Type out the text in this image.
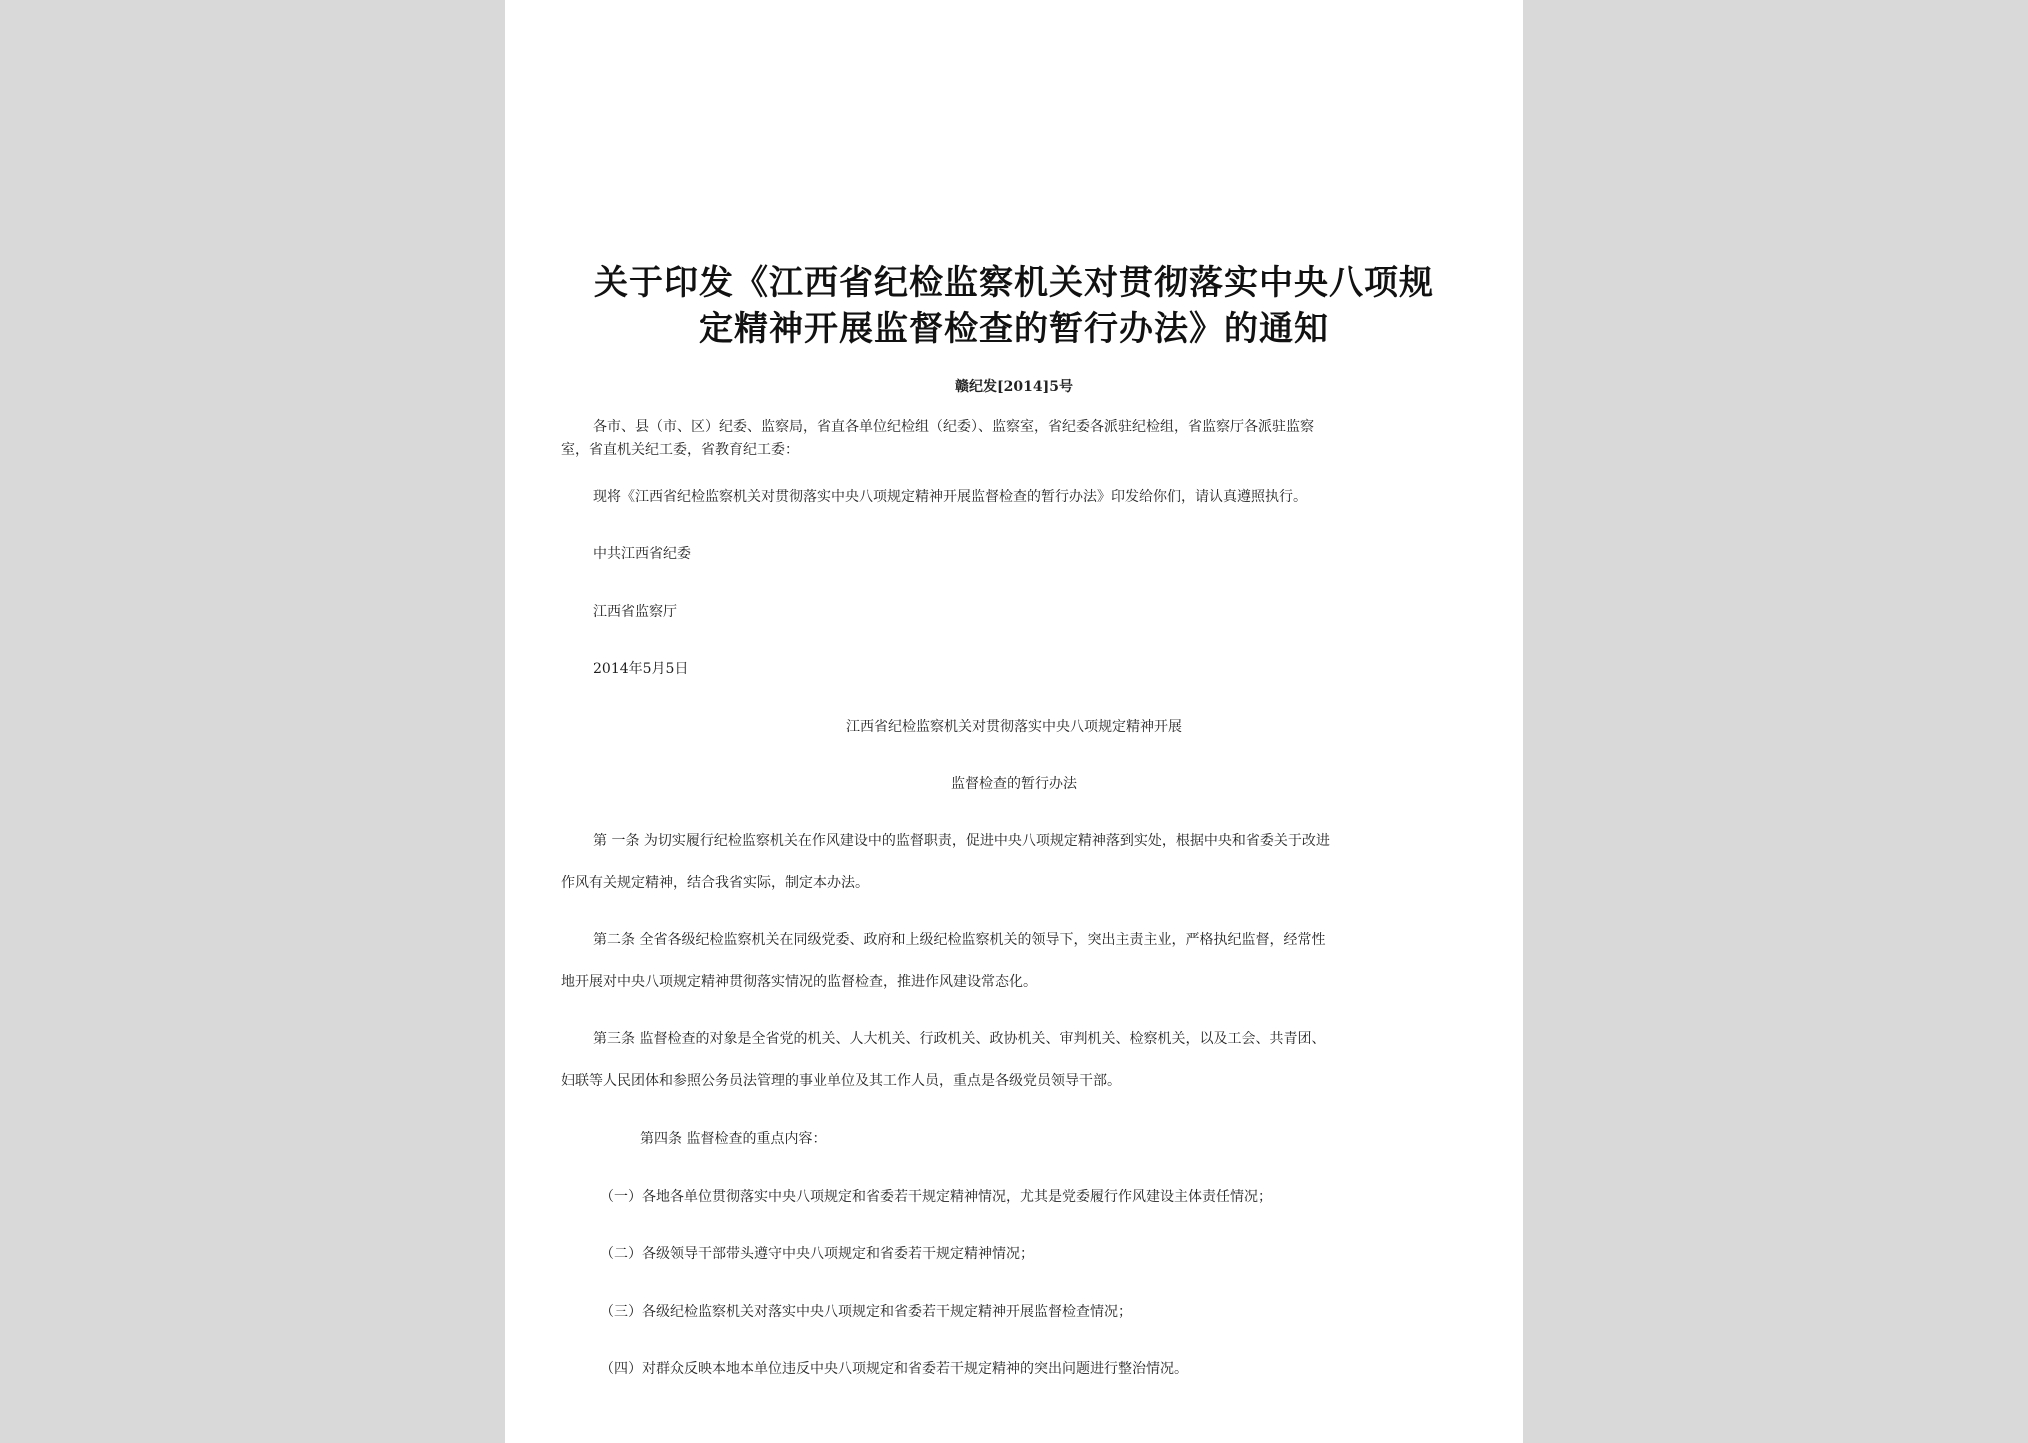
关于印发《江西省纪检监察机关对贯彻落实中央八项规
定精神开展监督检查的暂行办法》的通知
赣纪发[2014]5号
各市、县（市、区）纪委、监察局，省直各单位纪检组（纪委）、监察室，省纪委各派驻纪检组，省监察厅各派驻监察
室，省直机关纪工委，省教育纪工委：
现将《江西省纪检监察机关对贯彻落实中央八项规定精神开展监督检查的暂行办法》印发给你们，请认真遵照执行。
中共江西省纪委
江西省监察厅
2014年5月5日
江西省纪检监察机关对贯彻落实中央八项规定精神开展
监督检查的暂行办法
第 一条 为切实履行纪检监察机关在作风建设中的监督职责，促进中央八项规定精神落到实处，根据中央和省委关于改进
作风有关规定精神，结合我省实际，制定本办法。
第二条 全省各级纪检监察机关在同级党委、政府和上级纪检监察机关的领导下，突出主责主业，严格执纪监督，经常性
地开展对中央八项规定精神贯彻落实情况的监督检查，推进作风建设常态化。
第三条 监督检查的对象是全省党的机关、人大机关、行政机关、政协机关、审判机关、检察机关，以及工会、共青团、
妇联等人民团体和参照公务员法管理的事业单位及其工作人员，重点是各级党员领导干部。
第四条 监督检查的重点内容：
（一）各地各单位贯彻落实中央八项规定和省委若干规定精神情况，尤其是党委履行作风建设主体责任情况；
（二）各级领导干部带头遵守中央八项规定和省委若干规定精神情况；
（三）各级纪检监察机关对落实中央八项规定和省委若干规定精神开展监督检查情况；
（四）对群众反映本地本单位违反中央八项规定和省委若干规定精神的突出问题进行整治情况。
